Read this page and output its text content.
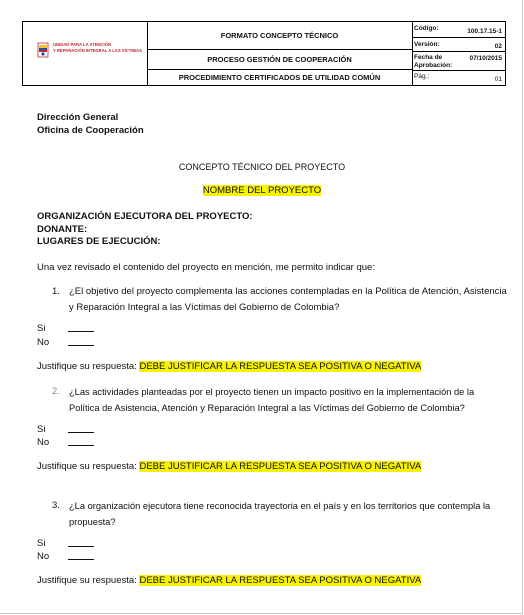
UNIDAD PARA LA ATENCIÓN
Y REPARACIÓN INTEGRAL A LAS VÍCTIMAS
FORMATO CONCEPTO TÉCNICO
PROCESO GESTIÓN DE COOPERACIÓN
PROCEDIMIENTO CERTIFICADOS DE UTILIDAD COMÚN
Código:	100.17.15-1
Versión:	02
Fecha de
Aprobación:
07/10/2015
Pág.:	01
Dirección General
Oficina de Cooperación
CONCEPTO TÉCNICO DEL PROYECTO
NOMBRE DEL PROYECTO
ORGANIZACIÓN EJECUTORA DEL PROYECTO:
DONANTE:
LUGARES DE EJECUCIÓN:
Una vez revisado el contenido del proyecto en mención, me permito indicar que:
1. ¿El objetivo del proyecto complementa las acciones contempladas en la Política de Atención, Asistencia
y Reparación Integral a las Víctimas del Gobierno de Colombia?
Si
No
Justifique su respuesta: DEBE JUSTIFICAR LA RESPUESTA SEA POSITIVA O NEGATIVA
2. ¿Las actividades planteadas por el proyecto tienen un impacto positivo en la implementación de la
Política de Asistencia, Atención y Reparación Integral a las Víctimas del Gobierno de Colombia?
Si
No
Justifique su respuesta: DEBE JUSTIFICAR LA RESPUESTA SEA POSITIVA O NEGATIVA
3. ¿La organización ejecutora tiene reconocida trayectoria en el país y en los territorios que contempla la
propuesta?
Si
No
Justifique su respuesta: DEBE JUSTIFICAR LA RESPUESTA SEA POSITIVA O NEGATIVA
